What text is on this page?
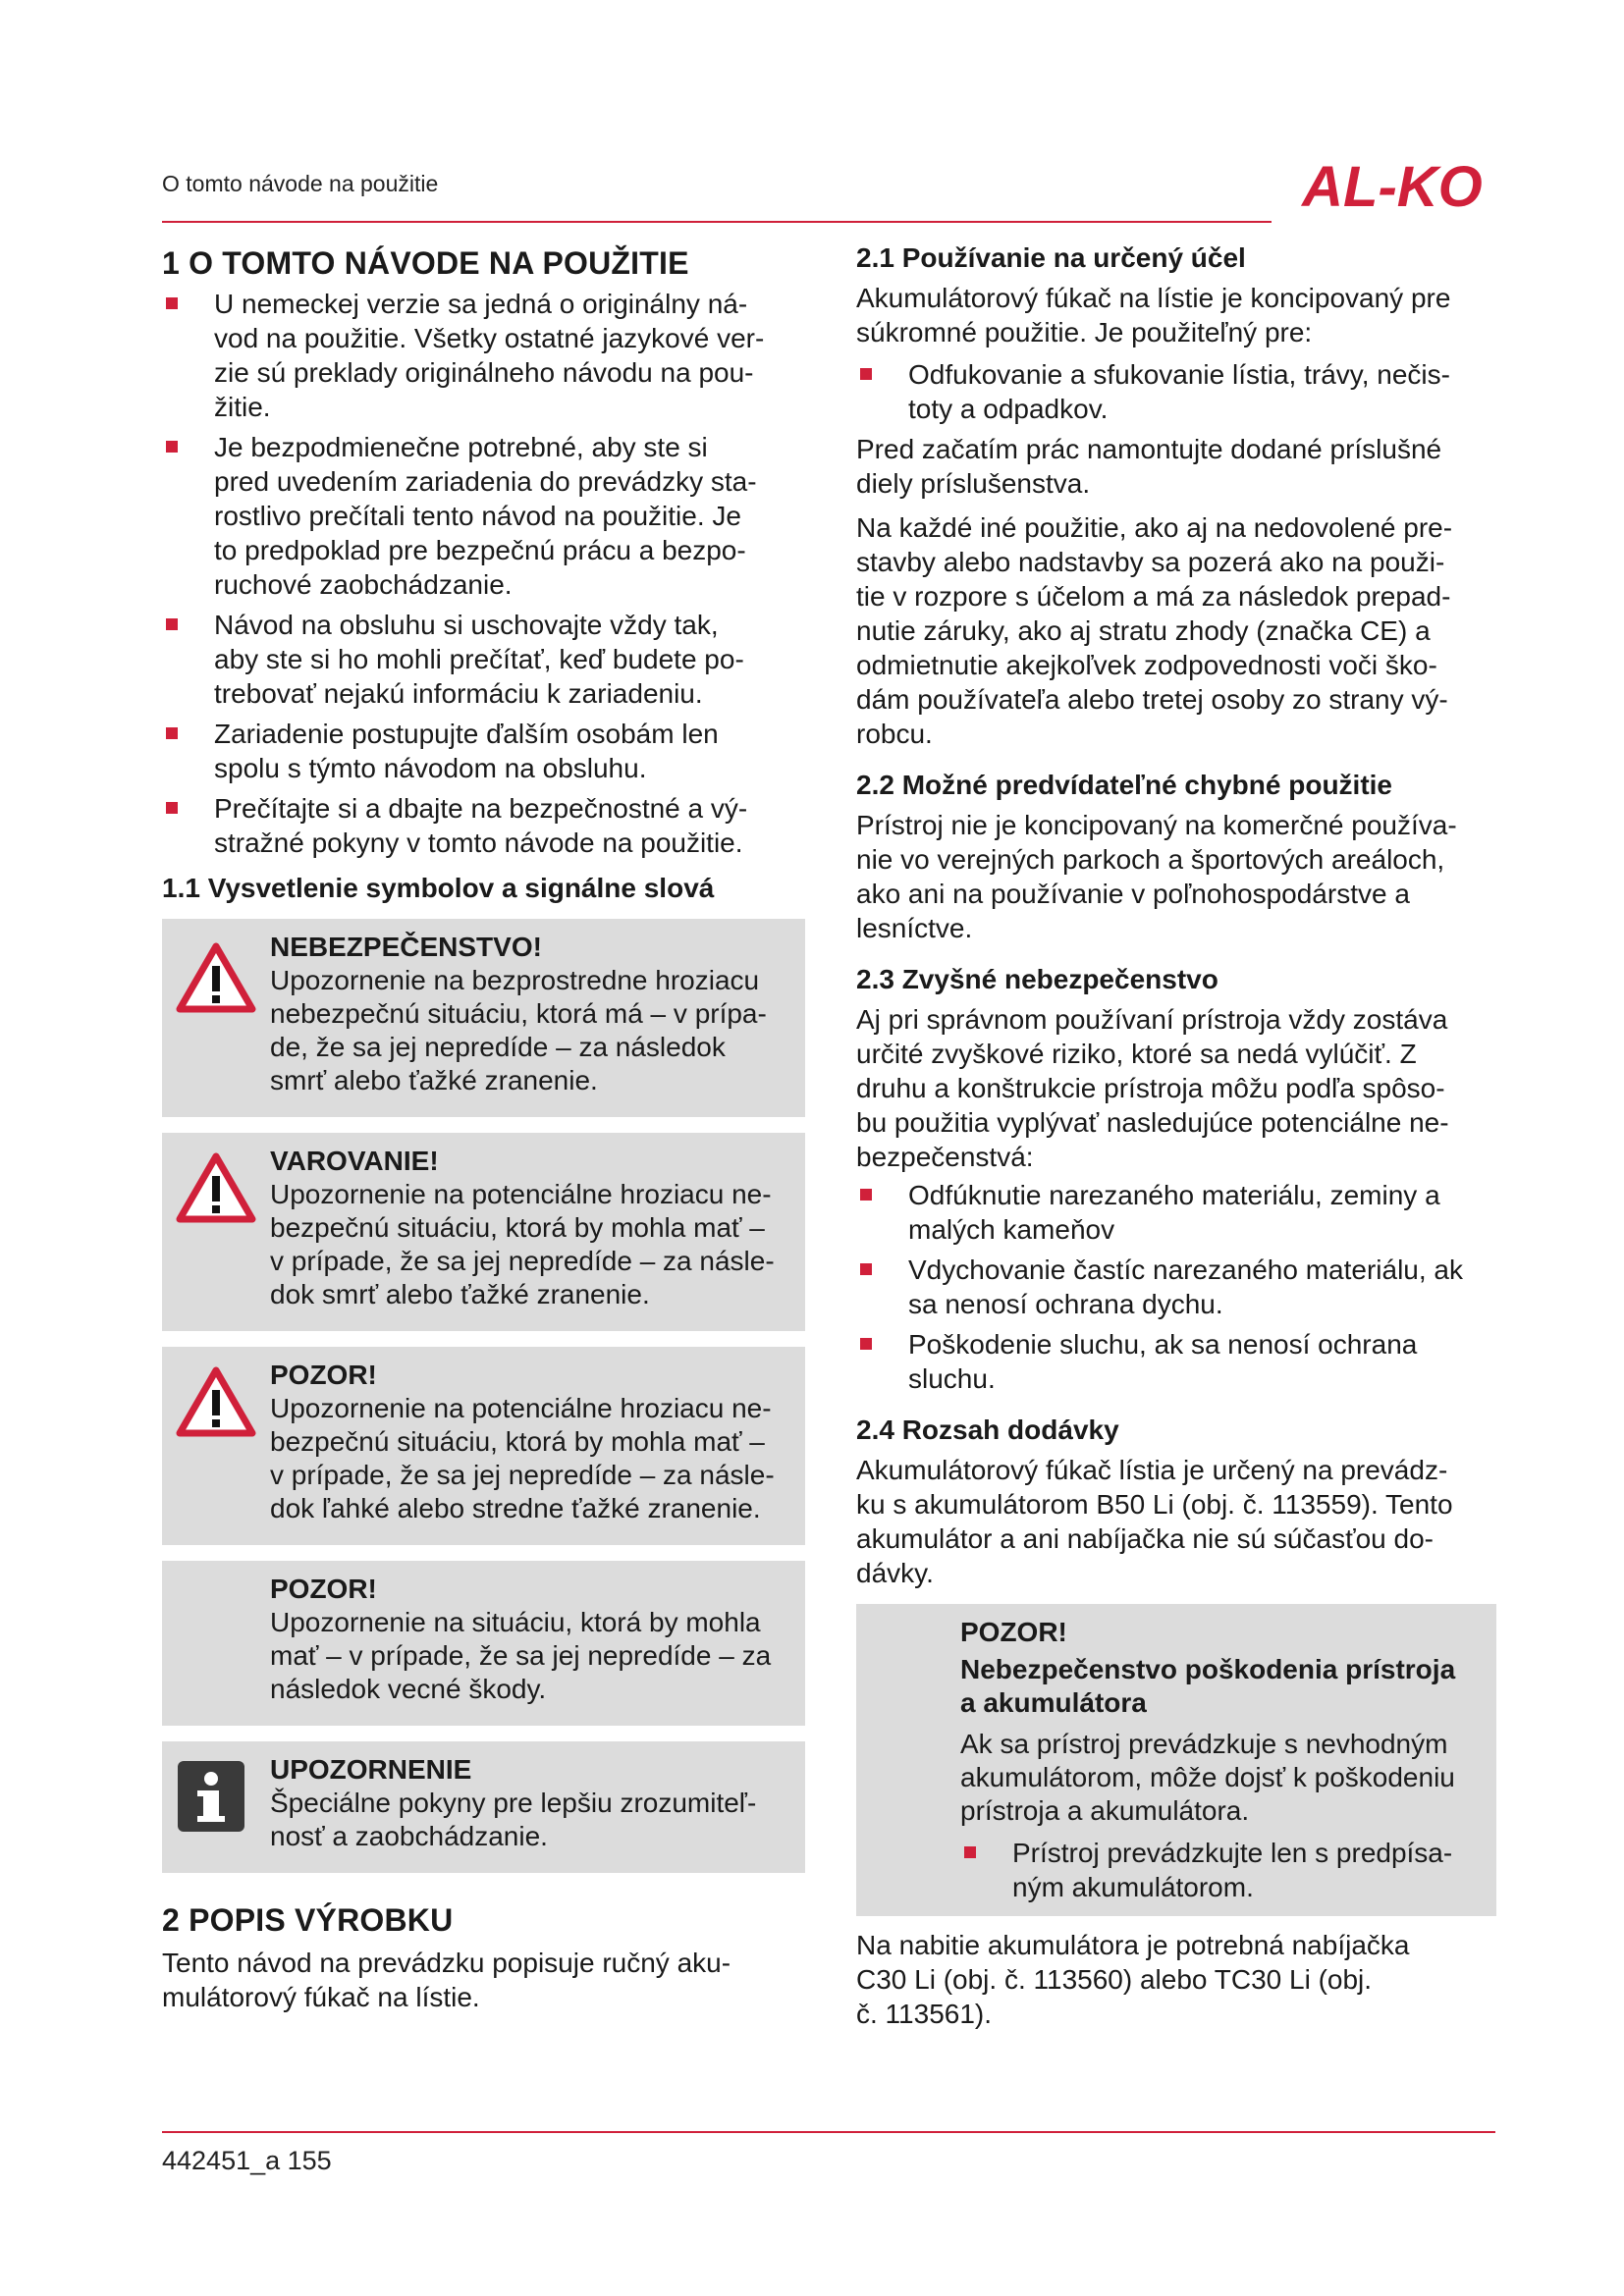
O tomto návode na použitie	AL-KO
1 O TOMTO NÁVODE NA POUŽITIE
U nemeckej verzie sa jedná o originálny ná-
vod na použitie. Všetky ostatné jazykové ver-
zie sú preklady originálneho návodu na pou-
žitie.
Je bezpodmienečne potrebné, aby ste si
pred uvedením zariadenia do prevádzky sta-
rostlivo prečítali tento návod na použitie. Je
to predpoklad pre bezpečnú prácu a bezpo-
ruchové zaobchádzanie.
Návod na obsluhu si uschovajte vždy tak,
aby ste si ho mohli prečítať, keď budete po-
trebovať nejakú informáciu k zariadeniu.
Zariadenie postupujte ďalším osobám len
spolu s týmto návodom na obsluhu.
Prečítajte si a dbajte na bezpečnostné a vý-
stražné pokyny v tomto návode na použitie.
1.1 Vysvetlenie symbolov a signálne slová
NEBEZPEČENSTVO!
Upozornenie na bezprostredne hroziacu
nebezpečnú situáciu, ktorá má – v prípa-
de, že sa jej nepredíde – za následok
smrť alebo ťažké zranenie.
VAROVANIE!
Upozornenie na potenciálne hroziacu ne-
bezpečnú situáciu, ktorá by mohla mať –
v prípade, že sa jej nepredíde – za násle-
dok smrť alebo ťažké zranenie.
POZOR!
Upozornenie na potenciálne hroziacu ne-
bezpečnú situáciu, ktorá by mohla mať –
v prípade, že sa jej nepredíde – za násle-
dok ľahké alebo stredne ťažké zranenie.
POZOR!
Upozornenie na situáciu, ktorá by mohla
mať – v prípade, že sa jej nepredíde – za
následok vecné škody.
UPOZORNENIE
Špeciálne pokyny pre lepšiu zrozumiteľ-
nosť a zaobchádzanie.
2 POPIS VÝROBKU
Tento návod na prevádzku popisuje ručný aku-
mulátorový fúkač na lístie.
2.1 Používanie na určený účel
Akumulátorový fúkač na lístie je koncipovaný pre
súkromné použitie. Je použiteľný pre:
Odfukovanie a sfukovanie lístia, trávy, nečis-
toty a odpadkov.
Pred začatím prác namontujte dodané príslušné
diely príslušenstva.
Na každé iné použitie, ako aj na nedovolené pre-
stavby alebo nadstavby sa pozerá ako na použi-
tie v rozpore s účelom a má za následok prepad-
nutie záruky, ako aj stratu zhody (značka CE) a
odmietnutie akejkoľvek zodpovednosti voči ško-
dám používateľa alebo tretej osoby zo strany vý-
robcu.
2.2 Možné predvídateľné chybné použitie
Prístroj nie je koncipovaný na komerčné používa-
nie vo verejných parkoch a športových areáloch,
ako ani na používanie v poľnohospodárstve a
lesníctve.
2.3 Zvyšné nebezpečenstvo
Aj pri správnom používaní prístroja vždy zostáva
určité zvyškové riziko, ktoré sa nedá vylúčiť. Z
druhu a konštrukcie prístroja môžu podľa spôso-
bu použitia vyplývať nasledujúce potenciálne ne-
bezpečenstvá:
Odfúknutie narezaného materiálu, zeminy a
malých kameňov
Vdychovanie častíc narezaného materiálu, ak
sa nenosí ochrana dychu.
Poškodenie sluchu, ak sa nenosí ochrana
sluchu.
2.4 Rozsah dodávky
Akumulátorový fúkač lístia je určený na prevádz-
ku s akumulátorom B50 Li (obj. č. 113559). Tento
akumulátor a ani nabíjačka nie sú súčasťou do-
dávky.
POZOR!
Nebezpečenstvo poškodenia prístroja
a akumulátora
Ak sa prístroj prevádzkuje s nevhodným
akumulátorom, môže dojsť k poškodeniu
prístroja a akumulátora.
Prístroj prevádzkujte len s predpísa-
ným akumulátorom.
Na nabitie akumulátora je potrebná nabíjačka
C30 Li (obj. č. 113560) alebo TC30 Li (obj.
č. 113561).
442451_a 155
